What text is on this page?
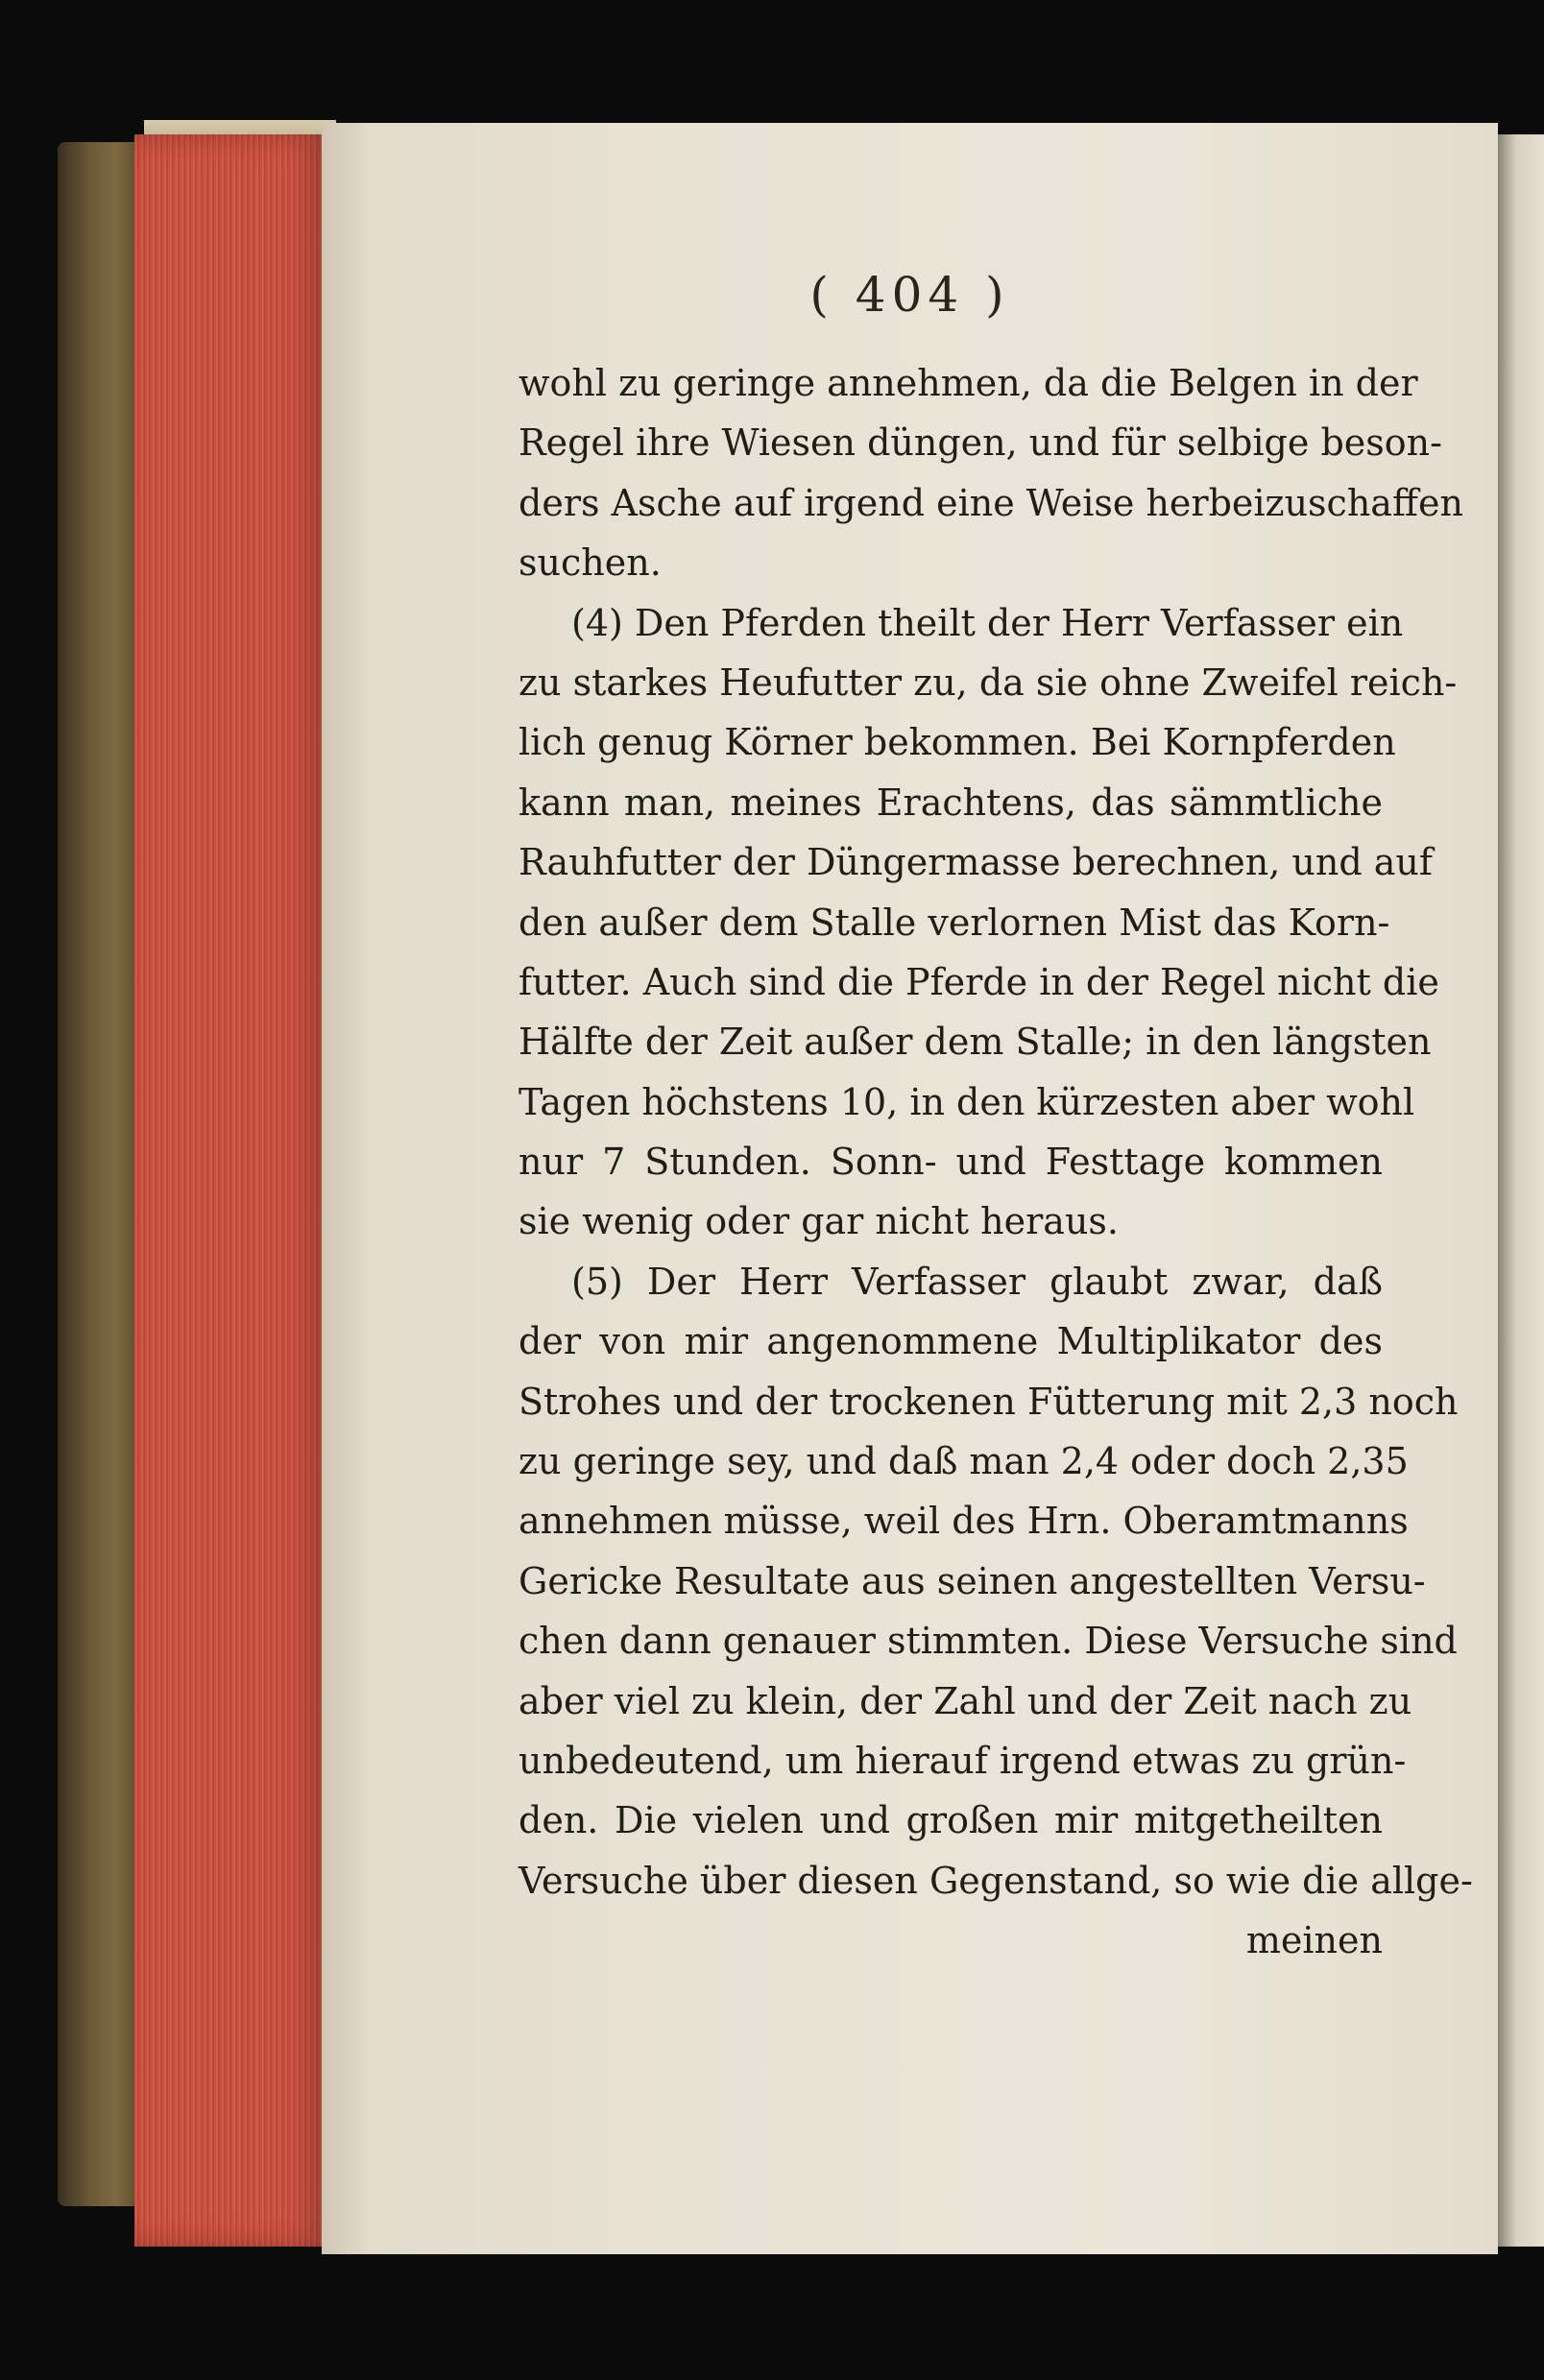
( 404 )
wohl zu geringe annehmen, da die Belgen in der
Regel ihre Wiesen düngen, und für selbige beson-
ders Asche auf irgend eine Weise herbeizuschaffen
suchen.
(4) Den Pferden theilt der Herr Verfasser ein
zu starkes Heufutter zu, da sie ohne Zweifel reich-
lich genug Körner bekommen. Bei Kornpferden
kann man, meines Erachtens, das sämmtliche
Rauhfutter der Düngermasse berechnen, und auf
den außer dem Stalle verlornen Mist das Korn-
futter. Auch sind die Pferde in der Regel nicht die
Hälfte der Zeit außer dem Stalle; in den längsten
Tagen höchstens 10, in den kürzesten aber wohl
nur 7 Stunden. Sonn- und Festtage kommen
sie wenig oder gar nicht heraus.
(5) Der Herr Verfasser glaubt zwar, daß
der von mir angenommene Multiplikator des
Strohes und der trockenen Fütterung mit 2,3 noch
zu geringe sey, und daß man 2,4 oder doch 2,35
annehmen müsse, weil des Hrn. Oberamtmanns
Gericke Resultate aus seinen angestellten Versu-
chen dann genauer stimmten. Diese Versuche sind
aber viel zu klein, der Zahl und der Zeit nach zu
unbedeutend, um hierauf irgend etwas zu grün-
den. Die vielen und großen mir mitgetheilten
Versuche über diesen Gegenstand, so wie die allge-
meinen
